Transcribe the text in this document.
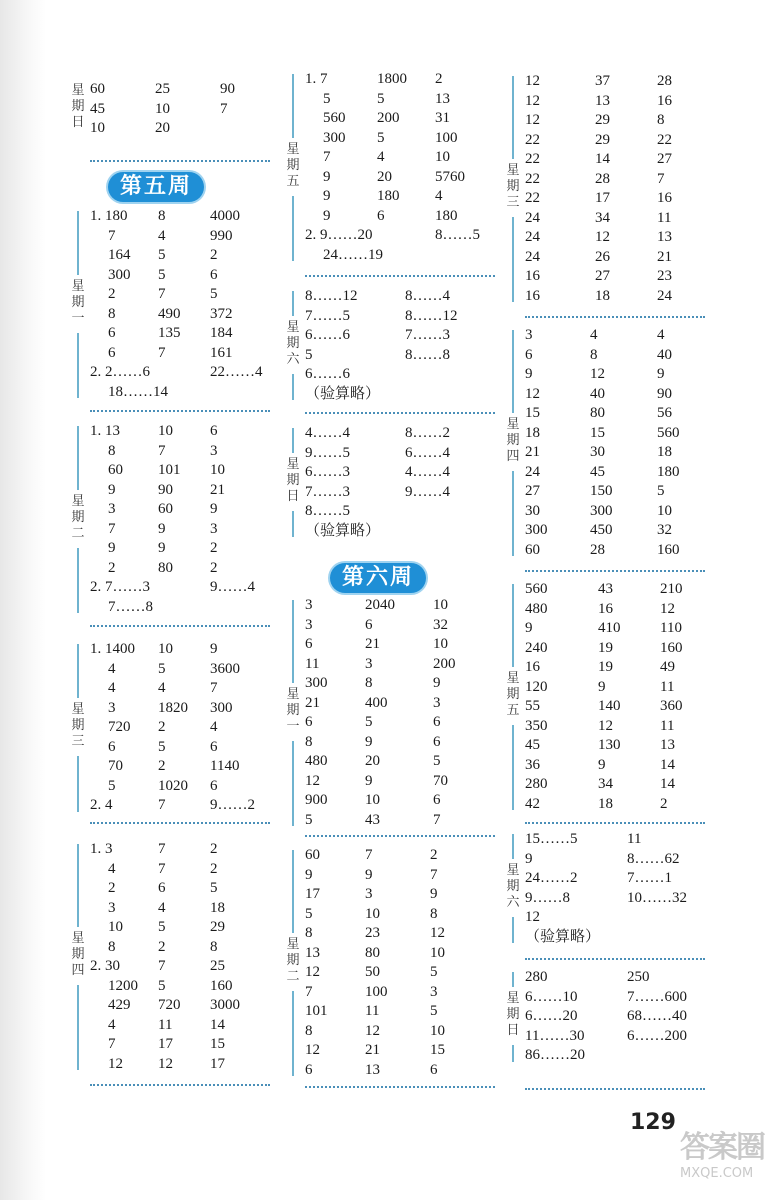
星期日
60	25	90
45	10	7
10	20
第五周
星期一
1. 180 8	4000
7	4	990
164 5	2
300 5	6
2	7	5
8	490 372
6	135 184
6	7	161
2. 2……6	22……4
18……14
星期二
1. 13	10 6
8	7	3
60 101 10
9	90 21
3	60 9
7	9	3
9	9	2
2	80 2
2. 7……3	9……4
7……8
星期三
1. 1400 10 9
4	5	3600
4	4	7
3	1820 300
720 2	4
6	5	6
70 2	1140
5	1020 6
2. 4	7	9……2
星期四
1. 3	7	2
4	7	2
2	6	5
3	4	18
10 5	29
8	2	8
2. 30	7	25
1200 5	160
429 720 3000
4	11	14
7	17 15
12 12 17
星期五
1. 7	1800 2
5	5	13
560 200 31
300 5	100
7	4	10
9	20	5760
9	180 4
9	6	180
2. 9……20	8……5
24……19
星期六
8……12	8……4
7……5	8……12
6……6	7……3
5	8……8
6……6
（验算略）
星期日
4……4	8……2
9……5	6……4
6……3	4……4
7……3	9……4
8……5
（验算略）
第六周
星期一
3	2040	10
3	6	32
6	21	10
11	3	200
300	8	9
21	400	3
6	5	6
8	9	6
480	20	5
12	9	70
900	10	6
5	43	7
星期二
60	7	2
9	9	7
17	3	9
5	10	8
8	23	12
13	80	10
12	50	5
7	100	3
101	11	5
8	12	10
12	21	15
6	13	6
星期三
12	37	28
12	13	16
12	29	8
22	29	22
22	14	27
22	28	7
22	17	16
24	34	11
24	12	13
24	26	21
16	27	23
16	18	24
星期四
3	4	4
6	8	40
9	12	9
12	40	90
15	80	56
18	15	560
21	30	18
24	45	180
27	150	5
30	300	10
300	450	32
60	28	160
星期五
560	43	210
480	16	12
9	410	110
240	19	160
16	19	49
120	9	11
55	140	360
350	12	11
45	130	13
36	9	14
280	34	14
42	18	2
星期六
15……5	11
9	8……62
24……2	7……1
9……8	10……32
12
（验算略）
星期日
280	250
6……10	7……600
6……20	68……40
11……30	6……200
86……20
129
答案圈
MXQE.COM
